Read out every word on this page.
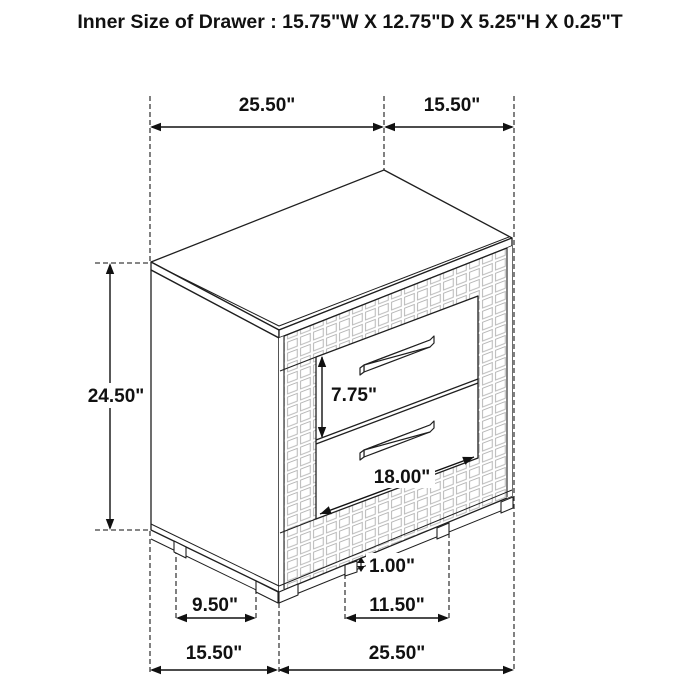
25.50"	15.50"
24.50"	7.75"
18.00"
1.00"
9.50"	11.50"
15.50"	25.50"
Inner Size of Drawer : 15.75"W X 12.75"D X 5.25"H X 0.25"T
